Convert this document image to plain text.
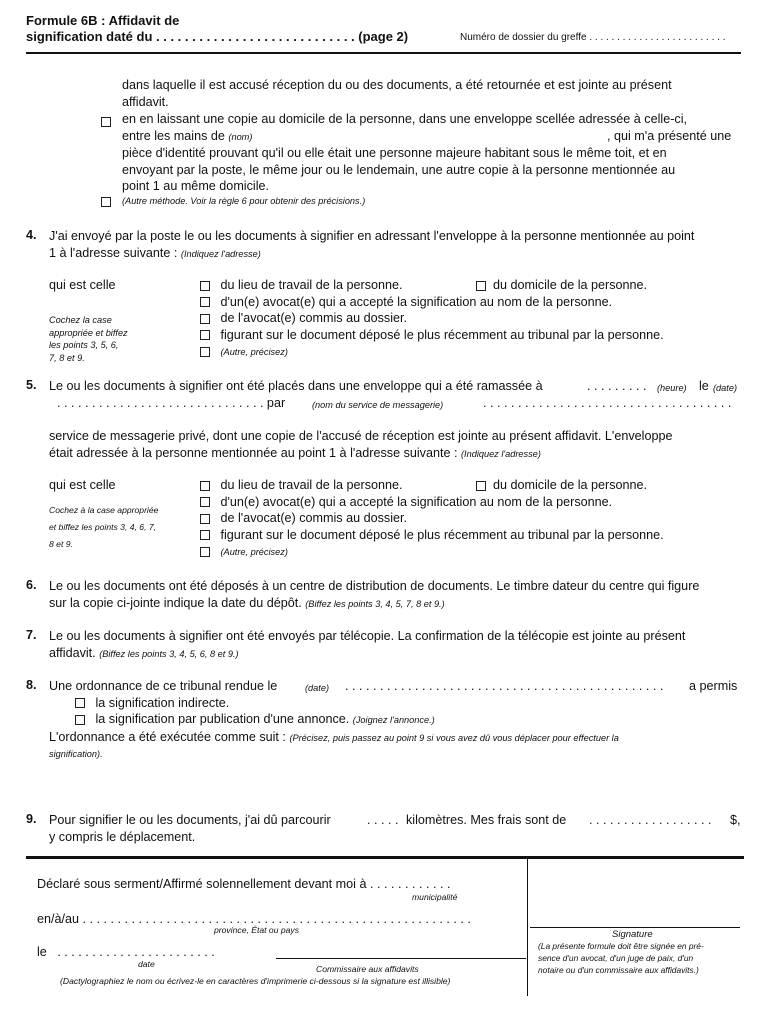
Formule 6B : Affidavit de
signification daté du . . . . . . . . . . . . . . . . . . . . . . . . . . . . (page 2)	Numéro de dossier du greffe . . . . . . . . . . . . . . . . . . . . . . . . .
dans laquelle il est accusé réception du ou des documents, a été retournée et est jointe au présent
affidavit.
en en laissant une copie au domicile de la personne, dans une enveloppe scellée adressée à celle-ci,
entre les mains de (nom)	, qui m'a présenté une
pièce d'identité prouvant qu'il ou elle était une personne majeure habitant sous le même toit, et en
envoyant par la poste, le même jour ou le lendemain, une autre copie à la personne mentionnée au
point 1 au même domicile.
(Autre méthode. Voir la règle 6 pour obtenir des précisions.)
4. J'ai envoyé par la poste le ou les documents à signifier en adressant l'enveloppe à la personne mentionnée au point
1 à l'adresse suivante : (Indiquez l'adresse)
qui est celle
Cochez la case
appropriée et biffez
les points 3, 5, 6,
7, 8 et 9.
du lieu de travail de la personne.	du domicile de la personne.
d'un(e) avocat(e) qui a accepté la signification au nom de la personne.
de l'avocat(e) commis au dossier.
figurant sur le document déposé le plus récemment au tribunal par la personne.
(Autre, précisez)
5. Le ou les documents à signifier ont été placés dans une enveloppe qui a été ramassée à	. . . . . . . . . (heure) le (date)
. . . . . . . . . . . . . . . . . . . . . . . . . . . . . . par	(nom du service de messagerie)	. . . . . . . . . . . . . . . . . . . . . . . . . . . . . . . . . . . .
service de messagerie privé, dont une copie de l'accusé de réception est jointe au présent affidavit. L'enveloppe
était adressée à la personne mentionnée au point 1 à l'adresse suivante : (Indiquez l'adresse)
qui est celle
Cochez à la case appropriée
et biffez les points 3, 4, 6, 7,
8 et 9.
du lieu de travail de la personne.	du domicile de la personne.
d'un(e) avocat(e) qui a accepté la signification au nom de la personne.
de l'avocat(e) commis au dossier.
figurant sur le document déposé le plus récemment au tribunal par la personne.
(Autre, précisez)
6. Le ou les documents ont été déposés à un centre de distribution de documents. Le timbre dateur du centre qui figure
sur la copie ci-jointe indique la date du dépôt. (Biffez les points 3, 4, 5, 7, 8 et 9.)
7. Le ou les documents à signifier ont été envoyés par télécopie. La confirmation de la télécopie est jointe au présent
affidavit. (Biffez les points 3, 4, 5, 6, 8 et 9.)
8. Une ordonnance de ce tribunal rendue le	(date) . . . . . . . . . . . . . . . . . . . . . . . . . . . . . . . . . . . . . . . . . . . . . . a permis
la signification indirecte.
la signification par publication d'une annonce. (Joignez l'annonce.)
L'ordonnance a été exécutée comme suit : (Précisez, puis passez au point 9 si vous avez dû vous déplacer pour effectuer la
signification).
9. Pour signifier le ou les documents, j'ai dû parcourir	. . . . . kilomètres. Mes frais sont de . . . . . . . . . . . . . . . . . . $,
y compris le déplacement.
Déclaré sous serment/Affirmé solennellement devant moi à . . . . . . . . . . . .
municipalité
en/à/au . . . . . . . . . . . . . . . . . . . . . . . . . . . . . . . . . . . . . . . . . . . . . . . . . . . . . . . .
province, État ou pays
le . . . . . . . . . . . . . . . . . . . . . . .
date	Commissaire aux affidavits
(Dactylographiez le nom ou écrivez-le en caractères d'imprimerie ci-dessous si la signature est illisible)
Signature
(La présente formule doit être signée en pré-
sence d'un avocat, d'un juge de paix, d'un
notaire ou d'un commissaire aux affidavits.)
